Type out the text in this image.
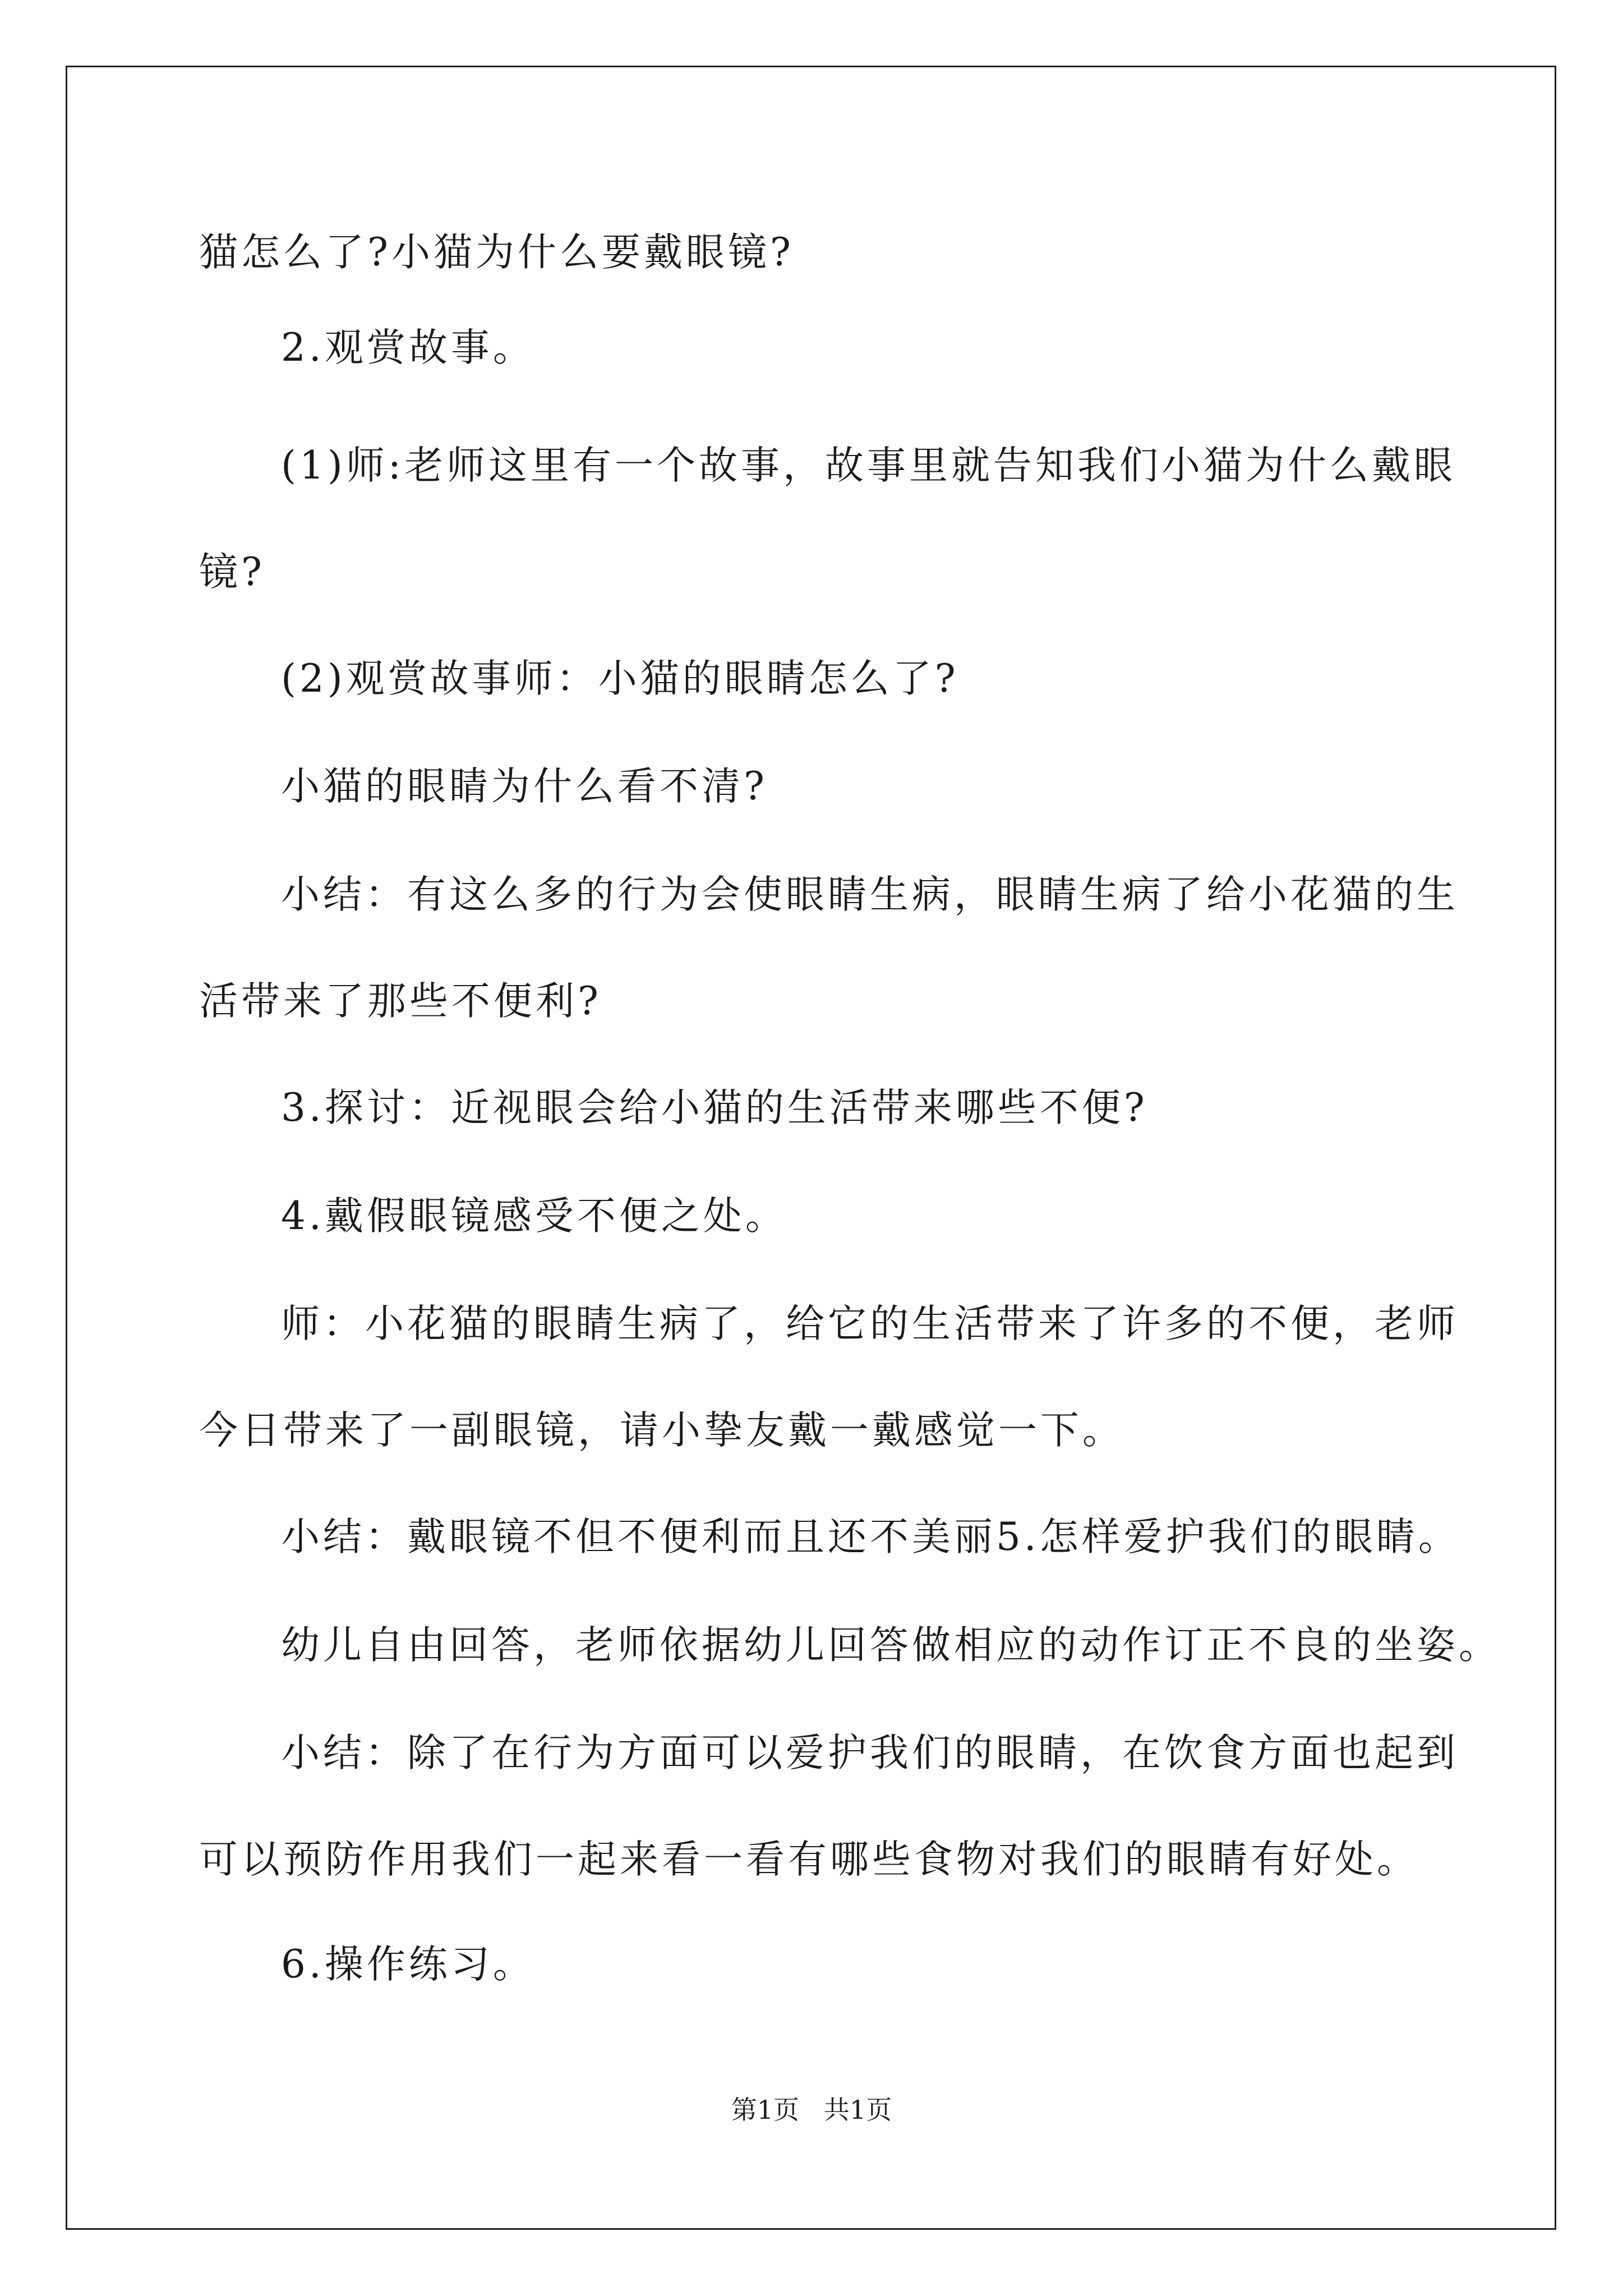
猫怎么了?小猫为什么要戴眼镜?
2.观赏故事。
(1)师:老师这里有一个故事，故事里就告知我们小猫为什么戴眼
镜?
(2)观赏故事师：小猫的眼睛怎么了?
小猫的眼睛为什么看不清?
小结：有这么多的行为会使眼睛生病，眼睛生病了给小花猫的生
活带来了那些不便利?
3.探讨：近视眼会给小猫的生活带来哪些不便?
4.戴假眼镜感受不便之处。
师：小花猫的眼睛生病了，给它的生活带来了许多的不便，老师
今日带来了一副眼镜，请小挚友戴一戴感觉一下。
小结：戴眼镜不但不便利而且还不美丽5.怎样爱护我们的眼睛。
幼儿自由回答，老师依据幼儿回答做相应的动作订正不良的坐姿。
小结：除了在行为方面可以爱护我们的眼睛，在饮食方面也起到
可以预防作用我们一起来看一看有哪些食物对我们的眼睛有好处。
6.操作练习。
第1页   共1页
